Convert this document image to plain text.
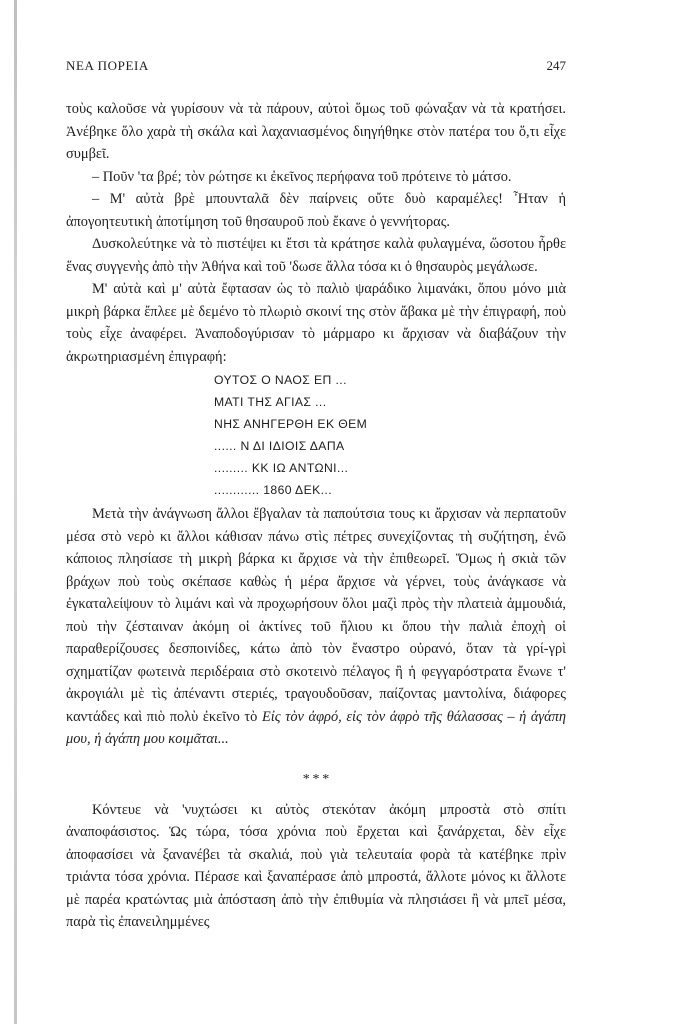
ΝΕΑ ΠΟΡΕΙΑ	247

τοὺς καλοῦσε νὰ γυρίσουν νὰ τὰ πάρουν, αὐτοὶ ὅμως τοῦ φώναξαν νὰ τὰ κρατήσει. Ἀνέβηκε ὅλο χαρὰ τὴ σκάλα καὶ λαχανιασμένος διηγήθηκε στὸν πατέρα του ὅ,τι εἶχε συμβεῖ.

– Ποῦν 'τα βρέ; τὸν ρώτησε κι ἐκεῖνος περήφανα τοῦ πρότεινε τὸ μάτσο.

– Μ' αὐτὰ βρὲ μπουνταλᾶ δὲν παίρνεις οὔτε δυὸ καραμέλες! Ἦταν ἡ ἀπογοητευτικὴ ἀποτίμηση τοῦ θησαυροῦ ποὺ ἔκανε ὁ γεννήτορας.

Δυσκολεύτηκε νὰ τὸ πιστέψει κι ἔτσι τὰ κράτησε καλὰ φυλαγμένα, ὥσοτου ἦρθε ἕνας συγγενὴς ἀπὸ τὴν Ἀθήνα καὶ τοῦ 'δωσε ἄλλα τόσα κι ὁ θησαυρὸς μεγάλωσε.

Μ' αὐτὰ καὶ μ' αὐτὰ ἔφτασαν ὡς τὸ παλιὸ ψαράδικο λιμανάκι, ὅπου μόνο μιὰ μικρὴ βάρκα ἔπλεε μὲ δεμένο τὸ πλωριὸ σκοινί της στὸν ἄβακα μὲ τὴν ἐπιγραφή, ποὺ τοὺς εἶχε ἀναφέρει. Ἀναποδογύρισαν τὸ μάρμαρο κι ἄρχισαν νὰ διαβάζουν τὴν ἀκρωτηριασμένη ἐπιγραφή:

ΟΥΤΟΣ Ο ΝΑΟΣ ΕΠ ...
ΜΑΤΙ ΤΗΣ ΑΓΙΑΣ ...
ΝΗΣ ΑΝΗΓΕΡΘΗ ΕΚ ΘΕΜ
...... Ν ΔΙ ΙΔΙΟΙΣ ΔΑΠΑ
......... ΚΚ ΙΩ ΑΝΤΩΝΙ...
............ 1860 ΔΕΚ...

Μετὰ τὴν ἀνάγνωση ἄλλοι ἔβγαλαν τὰ παπούτσια τους κι ἄρχισαν νὰ περπατοῦν μέσα στὸ νερὸ κι ἄλλοι κάθισαν πάνω στὶς πέτρες συνεχίζοντας τὴ συζήτηση, ἐνῶ κάποιος πλησίασε τὴ μικρὴ βάρκα κι ἄρχισε νὰ τὴν ἐπιθεωρεῖ. Ὅμως ἡ σκιὰ τῶν βράχων ποὺ τοὺς σκέπασε καθὼς ἡ μέρα ἄρχισε νὰ γέρνει, τοὺς ἀνάγκασε νὰ ἐγκαταλείψουν τὸ λιμάνι καὶ νὰ προχωρήσουν ὅλοι μαζὶ πρὸς τὴν πλατειὰ ἀμμουδιά, ποὺ τὴν ζέσταιναν ἀκόμη οἱ ἀκτίνες τοῦ ἥλιου κι ὅπου τὴν παλιὰ ἐποχὴ οἱ παραθερίζουσες δεσποινίδες, κάτω ἀπὸ τὸν ἔναστρο οὐρανό, ὅταν τὰ γρί-γρὶ σχηματίζαν φωτεινὰ περιδέραια στὸ σκοτεινὸ πέλαγος ἢ ἡ φεγγαρόστρατα ἔνωνε τ' ἀκρογιάλι μὲ τὶς ἀπέναντι στεριές, τραγουδοῦσαν, παίζοντας μαντολίνα, διάφορες καντάδες καὶ πιὸ πολὺ ἐκεῖνο τὸ Εἰς τὸν ἀφρό, εἰς τὸν ἀφρὸ τῆς θάλασσας – ἡ ἀγάπη μου, ἡ ἀγάπη μου κοιμᾶται...

* * *

Κόντευε νὰ 'νυχτώσει κι αὐτὸς στεκόταν ἀκόμη μπροστὰ στὸ σπίτι ἀναποφάσιστος. Ὡς τώρα, τόσα χρόνια ποὺ ἔρχεται καὶ ξανάρχεται, δὲν εἶχε ἀποφασίσει νὰ ξανανέβει τὰ σκαλιά, ποὺ γιὰ τελευταία φορὰ τὰ κατέβηκε πρὶν τριάντα τόσα χρόνια. Πέρασε καὶ ξαναπέρασε ἀπὸ μπροστά, ἄλλοτε μόνος κι ἄλλοτε μὲ παρέα κρατώντας μιὰ ἀπόσταση ἀπὸ τὴν ἐπιθυμία νὰ πλησιάσει ἢ νὰ μπεῖ μέσα, παρὰ τὶς ἐπανειλημμένες
